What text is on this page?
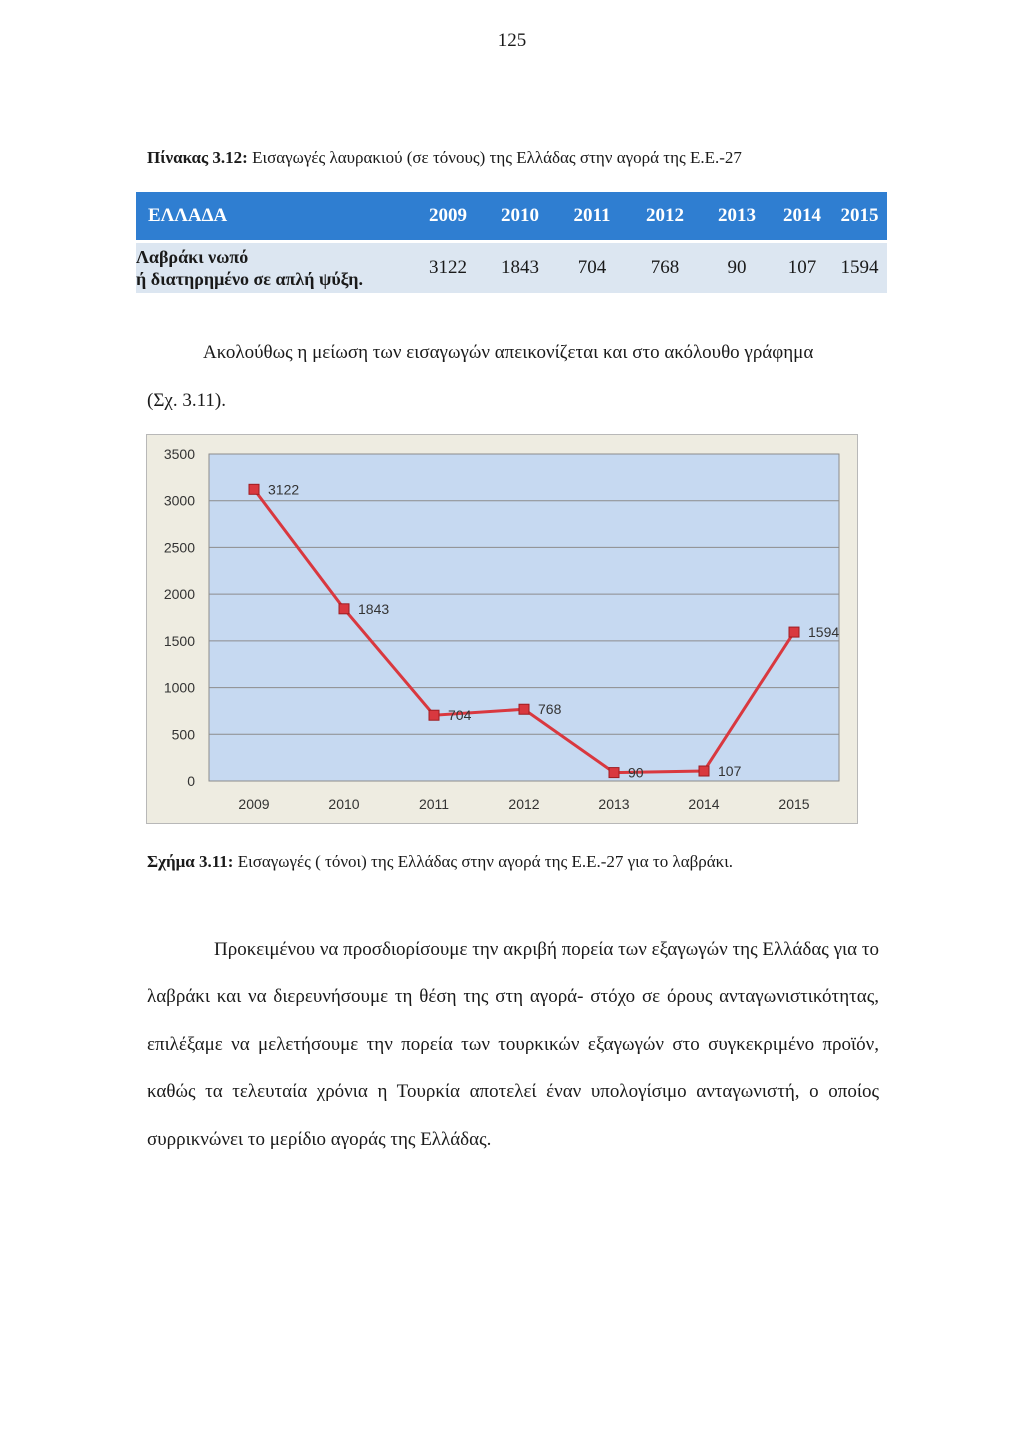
125
Πίνακας 3.12: Εισαγωγές λαυρακιού (σε τόνους) της Ελλάδας στην αγορά της Ε.Ε.-27
ΕΛΛΑΔΑ	2009	2010	2011	2012	2013	2014	2015

Λαβράκι νωπό
ή διατηρημένο σε απλή ψύξη.	3122	1843	704	768	90	107	1594
Ακολούθως η μείωση των εισαγωγών απεικονίζεται και στο ακόλουθο γράφημα
(Σχ. 3.11).
0
500
1000
1500
2000
2500
3000
3500
2009	2010	2011	2012	2013	2014	2015
3122
1843
704	768
90	107
1594
Σχήμα 3.11: Εισαγωγές ( τόνοι) της Ελλάδας στην αγορά της Ε.Ε.-27 για το λαβράκι.
Προκειμένου να προσδιορίσουμε την ακριβή πορεία των εξαγωγών της Ελλάδας για το λαβράκι και να διερευνήσουμε τη θέση της στη αγορά- στόχο σε όρους ανταγωνιστικότητας, επιλέξαμε να μελετήσουμε την πορεία των τουρκικών εξαγωγών στο συγκεκριμένο προϊόν, καθώς τα τελευταία χρόνια η Τουρκία αποτελεί έναν υπολογίσιμο ανταγωνιστή, ο οποίος συρρικνώνει το μερίδιο αγοράς της Ελλάδας.
